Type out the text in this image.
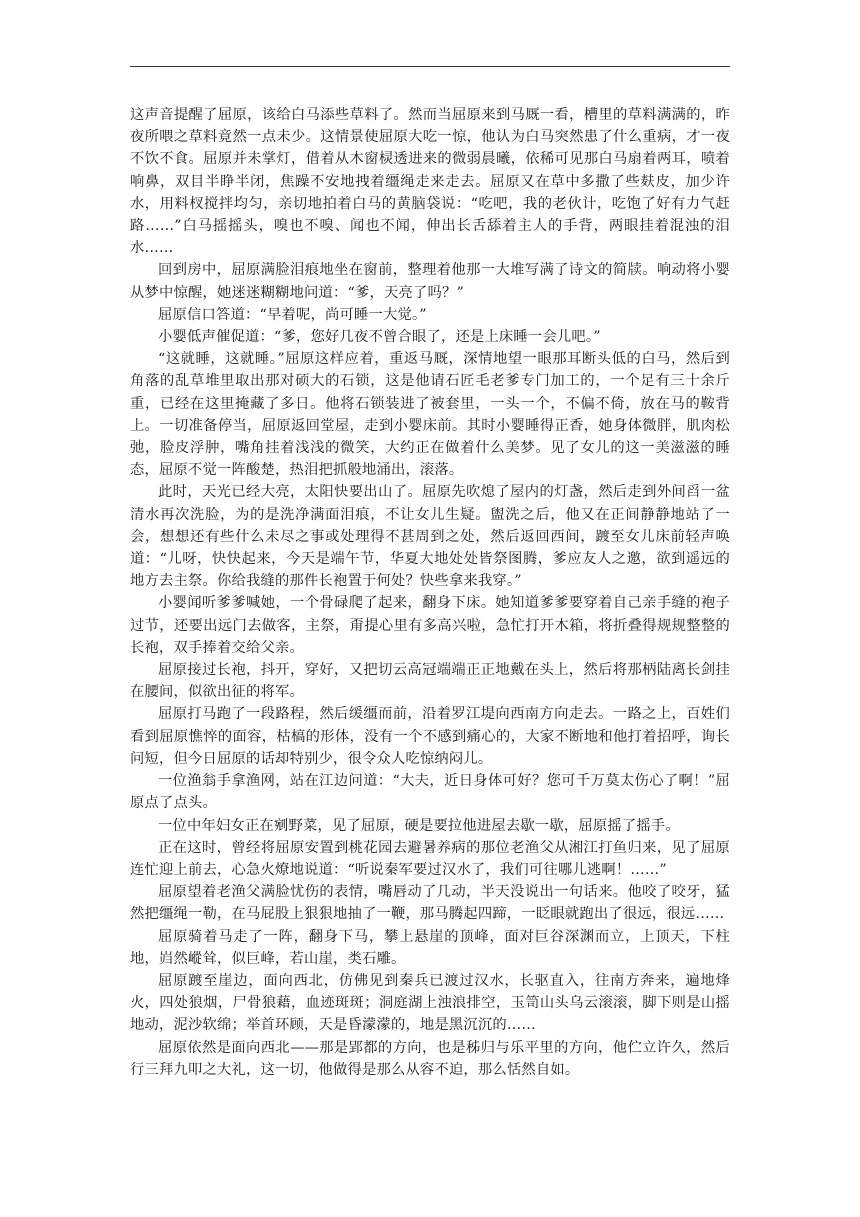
这声音提醒了屈原，该给白马添些草料了。然而当屈原来到马厩一看，槽里的草料满满的，昨夜所喂之草料竟然一点未少。这情景使屈原大吃一惊，他认为白马突然患了什么重病，才一夜不饮不食。屈原并未掌灯，借着从木窗棂透进来的微弱晨曦，依稀可见那白马扇着两耳，喷着响鼻，双目半睁半闭，焦躁不安地拽着缰绳走来走去。屈原又在草中多撒了些麸皮，加少许水，用料杈搅拌均匀，亲切地拍着白马的黄脑袋说：“吃吧，我的老伙计，吃饱了好有力气赶路……”白马摇摇头，嗅也不嗅、闻也不闻，伸出长舌舔着主人的手背，两眼挂着混浊的泪水……

回到房中，屈原满脸泪痕地坐在窗前，整理着他那一大堆写满了诗文的简牍。响动将小婴从梦中惊醒，她迷迷糊糊地问道：“爹，天亮了吗？”

屈原信口答道：“早着呢，尚可睡一大觉。”

小婴低声催促道：“爹，您好几夜不曾合眼了，还是上床睡一会儿吧。”

“这就睡，这就睡。”屈原这样应着，重返马厩，深情地望一眼那耳断头低的白马，然后到角落的乱草堆里取出那对硕大的石锁，这是他请石匠毛老爹专门加工的，一个足有三十余斤重，已经在这里掩藏了多日。他将石锁装进了被套里，一头一个，不偏不倚，放在马的鞍背上。一切准备停当，屈原返回堂屋，走到小婴床前。其时小婴睡得正香，她身体微胖，肌肉松弛，脸皮浮肿，嘴角挂着浅浅的微笑，大约正在做着什么美梦。见了女儿的这一美滋滋的睡态，屈原不觉一阵酸楚，热泪把抓般地涌出，滚落。

此时，天光已经大亮，太阳快要出山了。屈原先吹熄了屋内的灯盏，然后走到外间舀一盆清水再次洗脸，为的是洗净满面泪痕，不让女儿生疑。盥洗之后，他又在正间静静地站了一会，想想还有些什么未尽之事或处理得不甚周到之处，然后返回西间，踱至女儿床前轻声唤道：“儿呀，快快起来，今天是端午节，华夏大地处处皆祭图腾，爹应友人之邀，欲到遥远的地方去主祭。你给我缝的那件长袍置于何处？快些拿来我穿。”

小婴闻听爹爹喊她，一个骨碌爬了起来，翻身下床。她知道爹爹要穿着自己亲手缝的袍子过节，还要出远门去做客，主祭，甭提心里有多高兴啦，急忙打开木箱，将折叠得规规整整的长袍，双手捧着交给父亲。

屈原接过长袍，抖开，穿好，又把切云高冠端端正正地戴在头上，然后将那柄陆离长剑挂在腰间，似欲出征的将军。

屈原打马跑了一段路程，然后缓缰而前，沿着罗江堤向西南方向走去。一路之上，百姓们看到屈原憔悴的面容，枯槁的形体，没有一个不感到痛心的，大家不断地和他打着招呼，询长问短，但今日屈原的话却特别少，很令众人吃惊纳闷儿。

一位渔翁手拿渔网，站在江边问道：“大夫，近日身体可好？您可千万莫太伤心了啊！”屈原点了点头。

一位中年妇女正在剜野菜，见了屈原，硬是要拉他进屋去歇一歇，屈原摇了摇手。

正在这时，曾经将屈原安置到桃花园去避暑养病的那位老渔父从湘江打鱼归来，见了屈原连忙迎上前去，心急火燎地说道：“听说秦军要过汉水了，我们可往哪儿逃啊！……”

屈原望着老渔父满脸忧伤的表情，嘴唇动了几动，半天没说出一句话来。他咬了咬牙，猛然把缰绳一勒，在马屁股上狠狠地抽了一鞭，那马腾起四蹄，一眨眼就跑出了很远，很远……

屈原骑着马走了一阵，翻身下马，攀上悬崖的顶峰，面对巨谷深渊而立，上顶天，下柱地，岿然嵷耸，似巨峰，若山崖，类石雕。

屈原踱至崖边，面向西北，仿佛见到秦兵已渡过汉水，长驱直入，往南方奔来，遍地烽火，四处狼烟，尸骨狼藉，血迹斑斑；洞庭湖上浊浪排空，玉笥山头乌云滚滚，脚下则是山摇地动，泥沙软绵；举首环顾，天是昏濛濛的，地是黑沉沉的……

屈原依然是面向西北——那是郢都的方向，也是秭归与乐平里的方向，他伫立许久，然后行三拜九叩之大礼，这一切，他做得是那么从容不迫，那么恬然自如。
